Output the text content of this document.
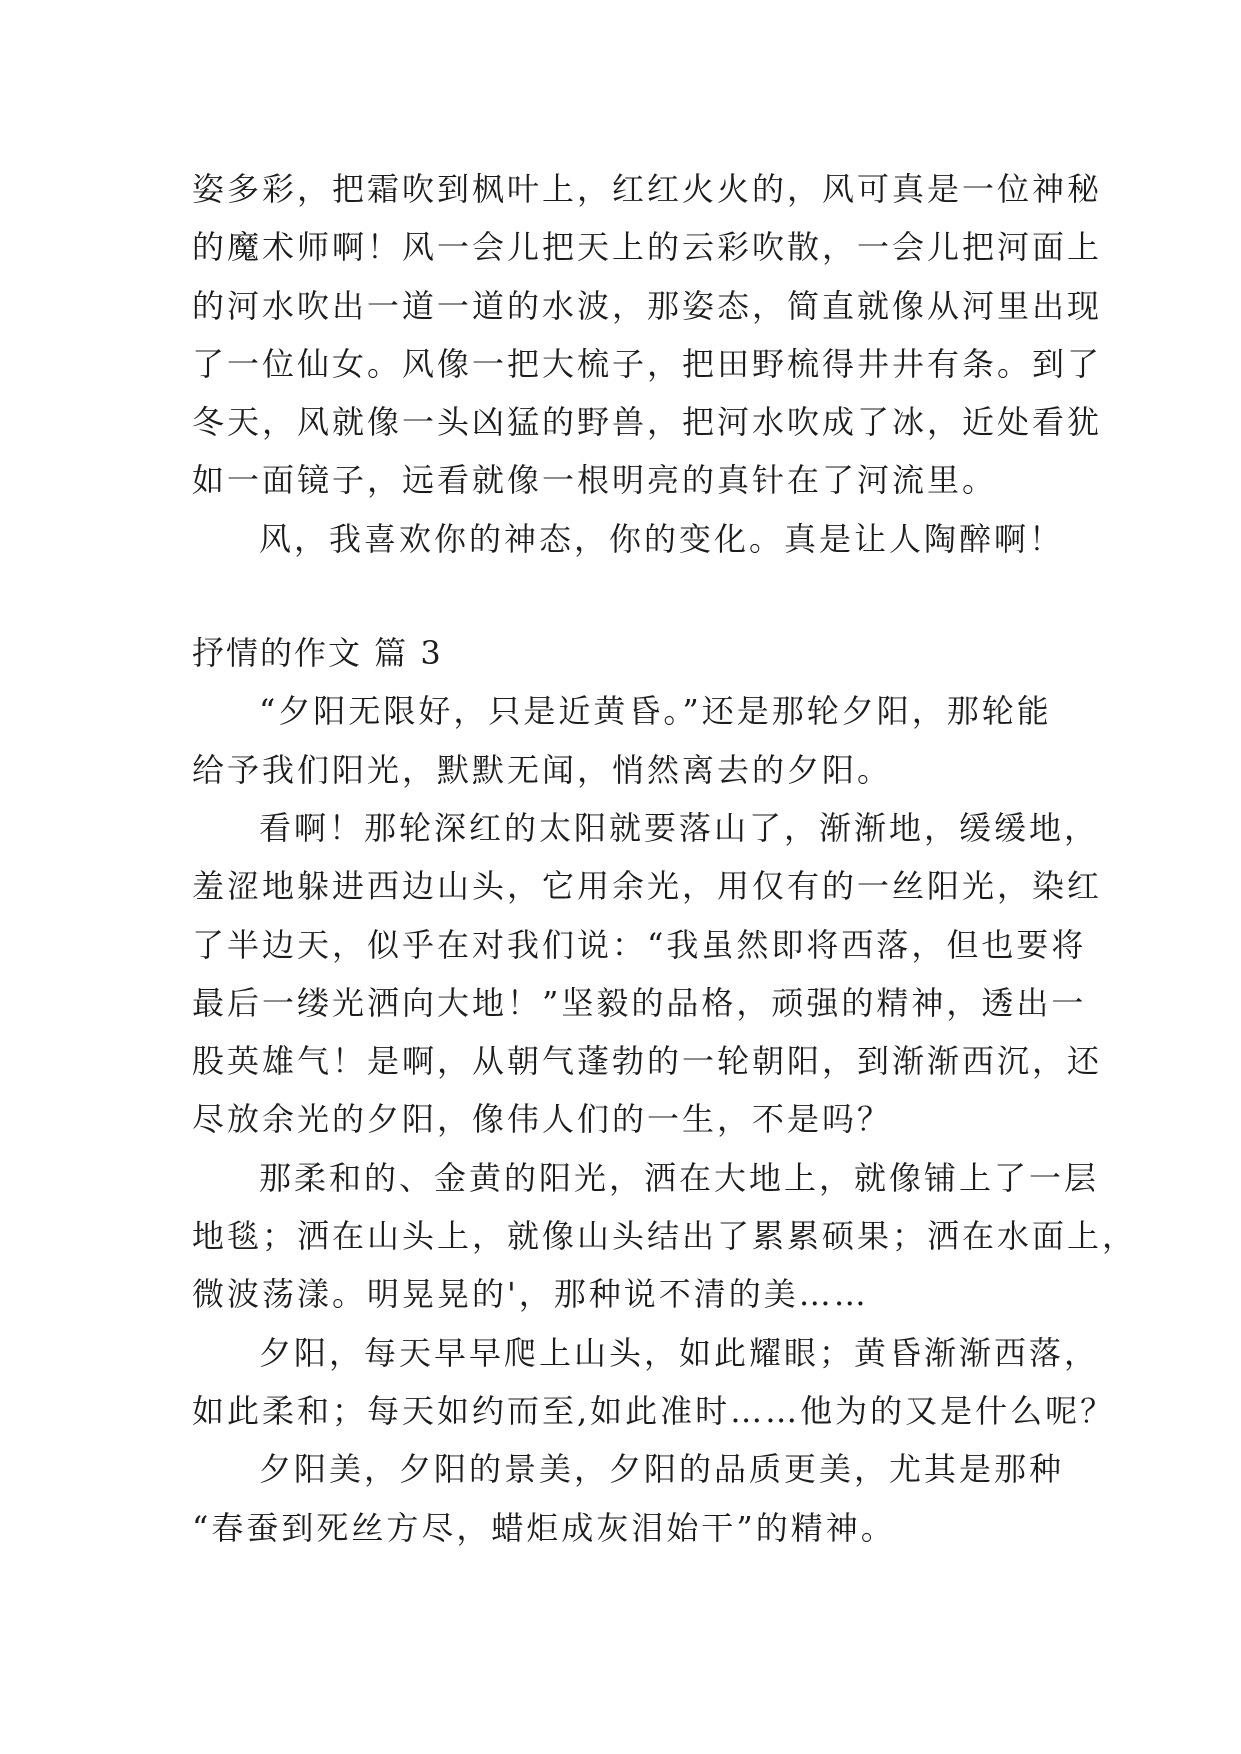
姿多彩，把霜吹到枫叶上，红红火火的，风可真是一位神秘
的魔术师啊！风一会儿把天上的云彩吹散，一会儿把河面上
的河水吹出一道一道的水波，那姿态，简直就像从河里出现
了一位仙女。风像一把大梳子，把田野梳得井井有条。到了
冬天，风就像一头凶猛的野兽，把河水吹成了冰，近处看犹
如一面镜子，远看就像一根明亮的真针在了河流里。
风，我喜欢你的神态，你的变化。真是让人陶醉啊！
抒情的作文 篇 3
“夕阳无限好，只是近黄昏。”还是那轮夕阳，那轮能
给予我们阳光，默默无闻，悄然离去的夕阳。
看啊！那轮深红的太阳就要落山了，渐渐地，缓缓地，
羞涩地躲进西边山头，它用余光，用仅有的一丝阳光，染红
了半边天，似乎在对我们说：“我虽然即将西落，但也要将
最后一缕光洒向大地！”坚毅的品格，顽强的精神，透出一
股英雄气！是啊，从朝气蓬勃的一轮朝阳，到渐渐西沉，还
尽放余光的夕阳，像伟人们的一生，不是吗？
那柔和的、金黄的阳光，洒在大地上，就像铺上了一层
地毯；洒在山头上，就像山头结出了累累硕果；洒在水面上，
微波荡漾。明晃晃的'，那种说不清的美……
夕阳，每天早早爬上山头，如此耀眼；黄昏渐渐西落，
如此柔和；每天如约而至,如此准时……他为的又是什么呢？
夕阳美，夕阳的景美，夕阳的品质更美，尤其是那种
“春蚕到死丝方尽，蜡炬成灰泪始干”的精神。
